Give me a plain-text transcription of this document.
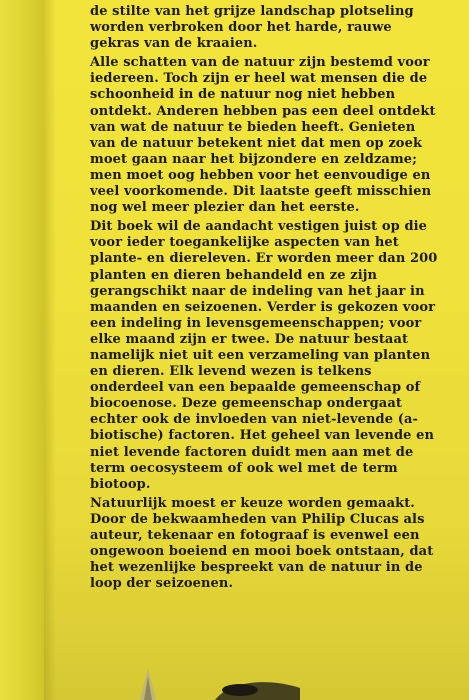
de stilte van het grijze landschap plotseling worden verbroken door het harde, rauwe gekras van de kraaien.

Alle schatten van de natuur zijn bestemd voor iedereen. Toch zijn er heel wat mensen die de schoonheid in de natuur nog niet hebben ontdekt. Anderen hebben pas een deel ontdekt van wat de natuur te bieden heeft. Genieten van de natuur betekent niet dat men op zoek moet gaan naar het bijzondere en zeldzame; men moet oog hebben voor het eenvoudige en veel voorkomende. Dit laatste geeft misschien nog wel meer plezier dan het eerste.

Dit boek wil de aandacht vestigen juist op die voor ieder toegankelijke aspecten van het plante- en diereleven. Er worden meer dan 200 planten en dieren behandeld en ze zijn gerangschikt naar de indeling van het jaar in maanden en seizoenen. Verder is gekozen voor een indeling in levensgemeenschappen; voor elke maand zijn er twee. De natuur bestaat namelijk niet uit een verzameling van planten en dieren. Elk levend wezen is telkens onderdeel van een bepaalde gemeenschap of biocoenose. Deze gemeenschap ondergaat echter ook de invloeden van niet-levende (a-biotische) factoren. Het geheel van levende en niet levende factoren duidt men aan met de term oecosysteem of ook wel met de term biotoop.

Natuurlijk moest er keuze worden gemaakt. Door de bekwaamheden van Philip Clucas als auteur, tekenaar en fotograaf is evenwel een ongewoon boeiend en mooi boek ontstaan, dat het wezenlijke bespreekt van de natuur in de loop der seizoenen.
